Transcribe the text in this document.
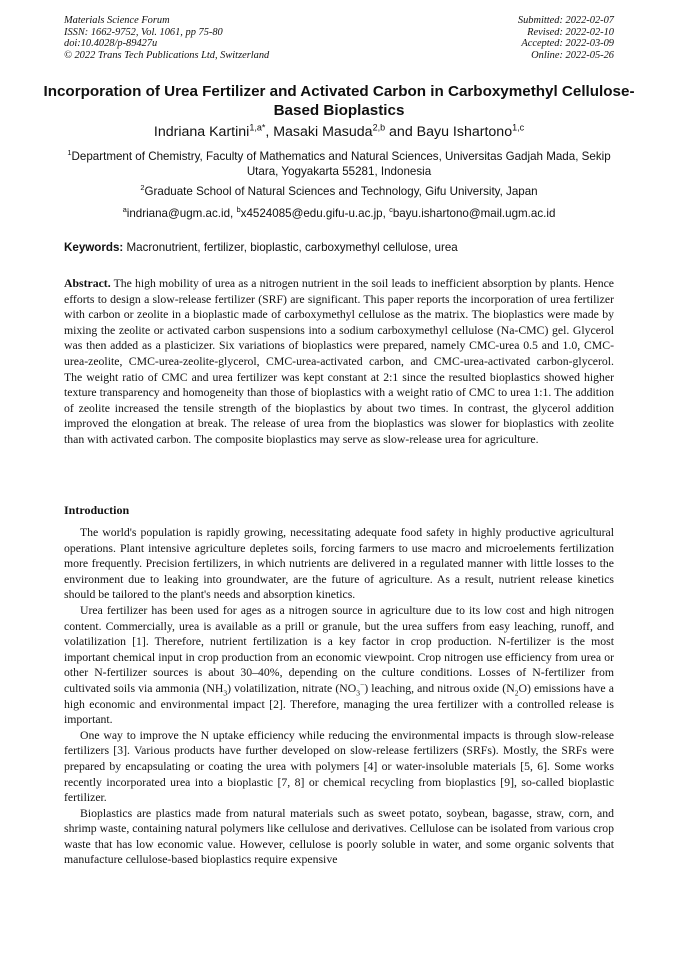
Materials Science Forum
ISSN: 1662-9752, Vol. 1061, pp 75-80
doi:10.4028/p-89427u
© 2022 Trans Tech Publications Ltd, Switzerland
Submitted: 2022-02-07
Revised: 2022-02-10
Accepted: 2022-03-09
Online: 2022-05-26
Incorporation of Urea Fertilizer and Activated Carbon in Carboxymethyl Cellulose-Based Bioplastics
Indriana Kartini$^{1,a*}$, Masaki Masuda$^{2,b}$ and Bayu Ishartono$^{1,c}$
$^1$Department of Chemistry, Faculty of Mathematics and Natural Sciences, Universitas Gadjah Mada, Sekip Utara, Yogyakarta 55281, Indonesia
$^2$Graduate School of Natural Sciences and Technology, Gifu University, Japan
$^a$indriana@ugm.ac.id, $^b$x4524085@edu.gifu-u.ac.jp, $^c$bayu.ishartono@mail.ugm.ac.id
Keywords: Macronutrient, fertilizer, bioplastic, carboxymethyl cellulose, urea
Abstract. The high mobility of urea as a nitrogen nutrient in the soil leads to inefficient absorption by plants. Hence efforts to design a slow-release fertilizer (SRF) are significant. This paper reports the incorporation of urea fertilizer with carbon or zeolite in a bioplastic made of carboxymethyl cellulose as the matrix. The bioplastics were made by mixing the zeolite or activated carbon suspensions into a sodium carboxymethyl cellulose (Na-CMC) gel. Glycerol was then added as a plasticizer. Six variations of bioplastics were prepared, namely CMC-urea 0.5 and 1.0, CMC-urea-zeolite, CMC-urea-zeolite-glycerol, CMC-urea-activated carbon, and CMC-urea-activated carbon-glycerol. The weight ratio of CMC and urea fertilizer was kept constant at 2:1 since the resulted bioplastics showed higher texture transparency and homogeneity than those of bioplastics with a weight ratio of CMC to urea 1:1. The addition of zeolite increased the tensile strength of the bioplastics by about two times. In contrast, the glycerol addition improved the elongation at break. The release of urea from the bioplastics was slower for bioplastics with zeolite than with activated carbon. The composite bioplastics may serve as slow-release urea for agriculture.
Introduction

The world's population is rapidly growing, necessitating adequate food safety in highly productive agricultural operations. Plant intensive agriculture depletes soils, forcing farmers to use macro and microelements fertilization more frequently. Precision fertilizers, in which nutrients are delivered in a regulated manner with little losses to the environment due to leaking into groundwater, are the future of agriculture. As a result, nutrient release kinetics should be tailored to the plant's needs and absorption kinetics.

Urea fertilizer has been used for ages as a nitrogen source in agriculture due to its low cost and high nitrogen content. Commercially, urea is available as a prill or granule, but the urea suffers from easy leaching, runoff, and volatilization [1]. Therefore, nutrient fertilization is a key factor in crop production. N-fertilizer is the most important chemical input in crop production from an economic viewpoint. Crop nitrogen use efficiency from urea or other N-fertilizer sources is about 30–40%, depending on the culture conditions. Losses of N-fertilizer from cultivated soils via ammonia $(NH_3)$ volatilization, nitrate $(NO_3^-)$ leaching, and nitrous oxide $(N_2O)$ emissions have a high economic and environmental impact [2]. Therefore, managing the urea fertilizer with a controlled release is important.

One way to improve the N uptake efficiency while reducing the environmental impacts is through slow-release fertilizers [3]. Various products have further developed on slow-release fertilizers (SRFs). Mostly, the SRFs were prepared by encapsulating or coating the urea with polymers [4] or water-insoluble materials [5, 6]. Some works recently incorporated urea into a bioplastic [7, 8] or chemical recycling from bioplastics [9], so-called bioplastic fertilizer.

Bioplastics are plastics made from natural materials such as sweet potato, soybean, bagasse, straw, corn, and shrimp waste, containing natural polymers like cellulose and derivatives. Cellulose can be isolated from various crop waste that has low economic value. However, cellulose is poorly soluble in water, and some organic solvents that manufacture cellulose-based bioplastics require expensive
